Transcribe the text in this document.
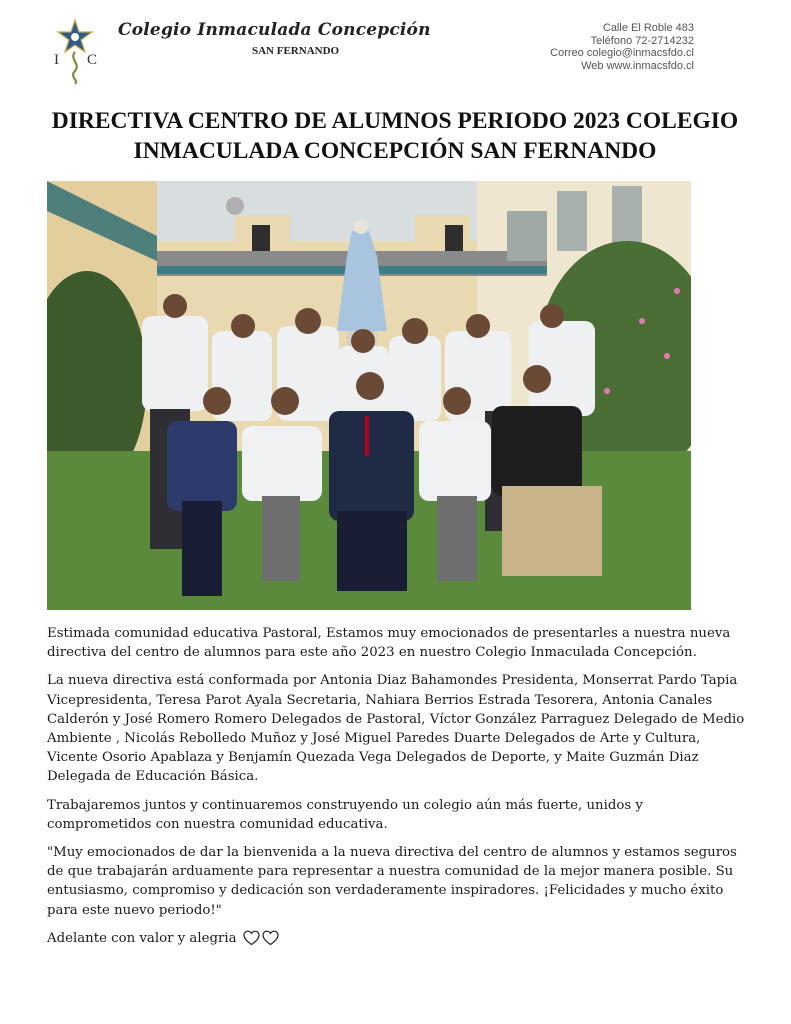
I C
Colegio Inmaculada Concepción
SAN FERNANDO
Calle El Roble 483
Teléfono 72-2714232
Correo colegio@inmacsfdo.cl
Web www.inmacsfdo.cl
DIRECTIVA CENTRO DE ALUMNOS PERIODO 2023 COLEGIO INMACULADA CONCEPCIÓN SAN FERNANDO

Estimada comunidad educativa Pastoral, Estamos muy emocionados de presentarles a nuestra nueva directiva del centro de alumnos para este año 2023 en nuestro Colegio Inmaculada Concepción.

La nueva directiva está conformada por Antonia Diaz Bahamondes Presidenta, Monserrat Pardo Tapia Vicepresidenta, Teresa Parot Ayala Secretaria, Nahiara Berrios Estrada Tesorera, Antonia Canales Calderón y José Romero Romero Delegados de Pastoral, Víctor González Parraguez Delegado de Medio Ambiente , Nicolás Rebolledo Muñoz y José Miguel Paredes Duarte Delegados de Arte y Cultura, Vicente Osorio Apablaza y Benjamín Quezada Vega Delegados de Deporte, y Maite Guzmán Diaz Delegada de Educación Básica.

Trabajaremos juntos y continuaremos construyendo un colegio aún más fuerte, unidos y comprometidos con nuestra comunidad educativa.

"Muy emocionados de dar la bienvenida a la nueva directiva del centro de alumnos y estamos seguros de que trabajarán arduamente para representar a nuestra comunidad de la mejor manera posible. Su entusiasmo, compromiso y dedicación son verdaderamente inspiradores. ¡Felicidades y mucho éxito para este nuevo periodo!"

Adelante con valor y alegria
